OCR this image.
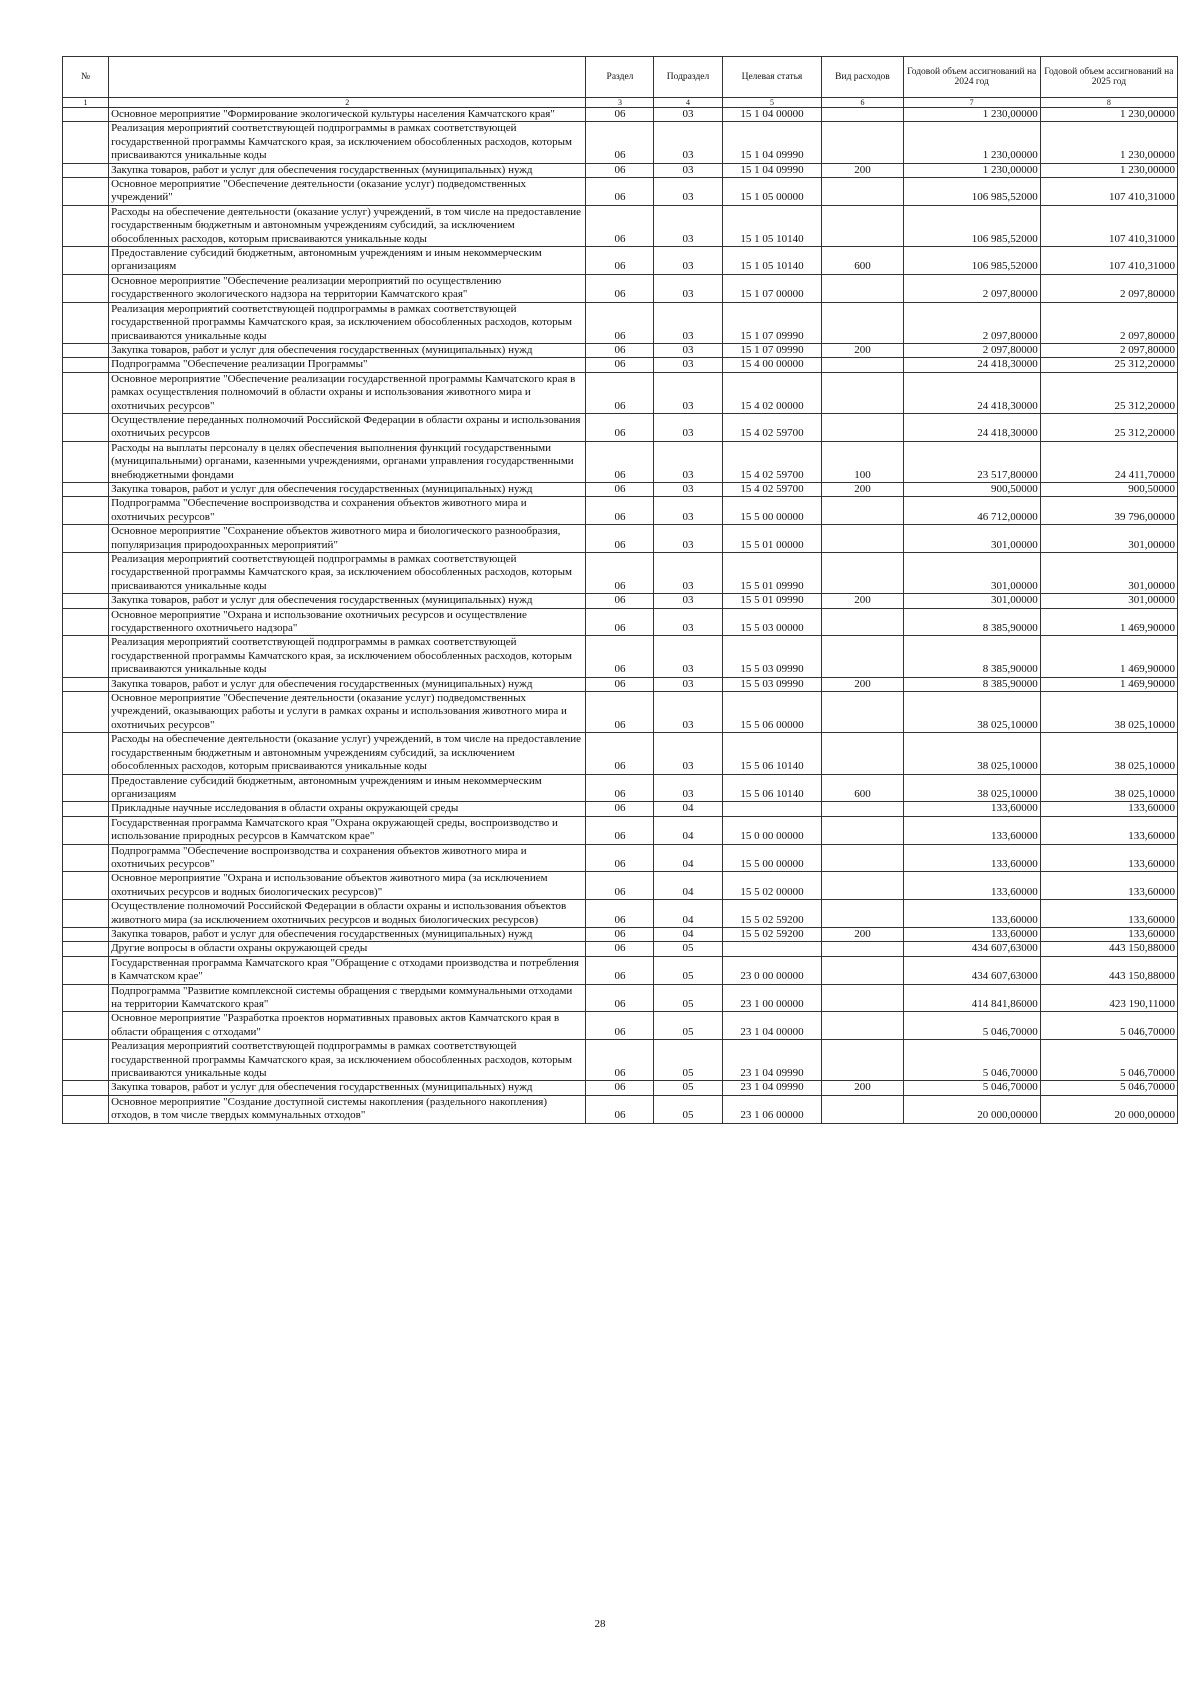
№		Раздел	Подраздел	Целевая статья	Вид расходов	Годовой объем ассигнований на 2024 год	Годовой объем ассигнований на 2025 год
1	2	3	4	5	6	7	8
	Основное мероприятие "Формирование экологической культуры населения Камчатского края"	06	03	15 1 04 00000		1 230,00000	1 230,00000
	Реализация мероприятий соответствующей подпрограммы в рамках соответствующей государственной программы Камчатского края, за исключением обособленных расходов, которым присваиваются уникальные коды	06	03	15 1 04 09990		1 230,00000	1 230,00000
	Закупка товаров, работ и услуг для обеспечения государственных (муниципальных) нужд	06	03	15 1 04 09990	200	1 230,00000	1 230,00000
	Основное мероприятие "Обеспечение деятельности (оказание услуг) подведомственных учреждений"	06	03	15 1 05 00000		106 985,52000	107 410,31000
	Расходы на обеспечение деятельности (оказание услуг) учреждений, в том числе на предоставление государственным бюджетным и автономным учреждениям субсидий, за исключением обособленных расходов, которым присваиваются уникальные коды	06	03	15 1 05 10140		106 985,52000	107 410,31000
	Предоставление субсидий бюджетным, автономным учреждениям и иным некоммерческим организациям	06	03	15 1 05 10140	600	106 985,52000	107 410,31000
	Основное мероприятие "Обеспечение реализации мероприятий по осуществлению государственного экологического надзора на территории Камчатского края"	06	03	15 1 07 00000		2 097,80000	2 097,80000
	Реализация мероприятий соответствующей подпрограммы в рамках соответствующей государственной программы Камчатского края, за исключением обособленных расходов, которым присваиваются уникальные коды	06	03	15 1 07 09990		2 097,80000	2 097,80000
	Закупка товаров, работ и услуг для обеспечения государственных (муниципальных) нужд	06	03	15 1 07 09990	200	2 097,80000	2 097,80000
	Подпрограмма "Обеспечение реализации Программы"	06	03	15 4 00 00000		24 418,30000	25 312,20000
	Основное мероприятие "Обеспечение реализации государственной программы Камчатского края в рамках осуществления полномочий в области охраны и использования животного мира и охотничьих ресурсов"	06	03	15 4 02 00000		24 418,30000	25 312,20000
	Осуществление переданных полномочий Российской Федерации в области охраны и использования охотничьих ресурсов	06	03	15 4 02 59700		24 418,30000	25 312,20000
	Расходы на выплаты персоналу в целях обеспечения выполнения функций государственными (муниципальными) органами, казенными учреждениями, органами управления государственными внебюджетными фондами	06	03	15 4 02 59700	100	23 517,80000	24 411,70000
	Закупка товаров, работ и услуг для обеспечения государственных (муниципальных) нужд	06	03	15 4 02 59700	200	900,50000	900,50000
	Подпрограмма "Обеспечение воспроизводства и сохранения объектов животного мира и охотничьих ресурсов"	06	03	15 5 00 00000		46 712,00000	39 796,00000
	Основное мероприятие "Сохранение объектов животного мира и биологического разнообразия, популяризация природоохранных мероприятий"	06	03	15 5 01 00000		301,00000	301,00000
	Реализация мероприятий соответствующей подпрограммы в рамках соответствующей государственной программы Камчатского края, за исключением обособленных расходов, которым присваиваются уникальные коды	06	03	15 5 01 09990		301,00000	301,00000
	Закупка товаров, работ и услуг для обеспечения государственных (муниципальных) нужд	06	03	15 5 01 09990	200	301,00000	301,00000
	Основное мероприятие "Охрана и использование охотничьих ресурсов и осуществление государственного охотничьего надзора"	06	03	15 5 03 00000		8 385,90000	1 469,90000
	Реализация мероприятий соответствующей подпрограммы в рамках соответствующей государственной программы Камчатского края, за исключением обособленных расходов, которым присваиваются уникальные коды	06	03	15 5 03 09990		8 385,90000	1 469,90000
	Закупка товаров, работ и услуг для обеспечения государственных (муниципальных) нужд	06	03	15 5 03 09990	200	8 385,90000	1 469,90000
	Основное мероприятие "Обеспечение деятельности (оказание услуг) подведомственных учреждений, оказывающих работы и услуги в рамках охраны и использования животного мира и охотничьих ресурсов"	06	03	15 5 06 00000		38 025,10000	38 025,10000
	Расходы на обеспечение деятельности (оказание услуг) учреждений, в том числе на предоставление государственным бюджетным и автономным учреждениям субсидий, за исключением обособленных расходов, которым присваиваются уникальные коды	06	03	15 5 06 10140		38 025,10000	38 025,10000
	Предоставление субсидий бюджетным, автономным учреждениям и иным некоммерческим организациям	06	03	15 5 06 10140	600	38 025,10000	38 025,10000
	Прикладные научные исследования в области охраны окружающей среды	06	04			133,60000	133,60000
	Государственная программа Камчатского края "Охрана окружающей среды, воспроизводство и использование природных ресурсов в Камчатском крае"	06	04	15 0 00 00000		133,60000	133,60000
	Подпрограмма "Обеспечение воспроизводства и сохранения объектов животного мира и охотничьих ресурсов"	06	04	15 5 00 00000		133,60000	133,60000
	Основное мероприятие "Охрана и использование объектов животного мира (за исключением охотничьих ресурсов и водных биологических ресурсов)"	06	04	15 5 02 00000		133,60000	133,60000
	Осуществление полномочий Российской Федерации в области охраны и использования объектов животного мира (за исключением охотничьих ресурсов и водных биологических ресурсов)	06	04	15 5 02 59200		133,60000	133,60000
	Закупка товаров, работ и услуг для обеспечения государственных (муниципальных) нужд	06	04	15 5 02 59200	200	133,60000	133,60000
	Другие вопросы в области охраны окружающей среды	06	05			434 607,63000	443 150,88000
	Государственная программа Камчатского края "Обращение с отходами производства и потребления в Камчатском крае"	06	05	23 0 00 00000		434 607,63000	443 150,88000
	Подпрограмма "Развитие комплексной системы обращения с твердыми коммунальными отходами на территории Камчатского края"	06	05	23 1 00 00000		414 841,86000	423 190,11000
	Основное мероприятие "Разработка проектов нормативных правовых актов Камчатского края в области обращения с отходами"	06	05	23 1 04 00000		5 046,70000	5 046,70000
	Реализация мероприятий соответствующей подпрограммы в рамках соответствующей государственной программы Камчатского края, за исключением обособленных расходов, которым присваиваются уникальные коды	06	05	23 1 04 09990		5 046,70000	5 046,70000
	Закупка товаров, работ и услуг для обеспечения государственных (муниципальных) нужд	06	05	23 1 04 09990	200	5 046,70000	5 046,70000
	Основное мероприятие "Создание доступной системы накопления (раздельного накопления) отходов, в том числе твердых коммунальных отходов"	06	05	23 1 06 00000		20 000,00000	20 000,00000
28
